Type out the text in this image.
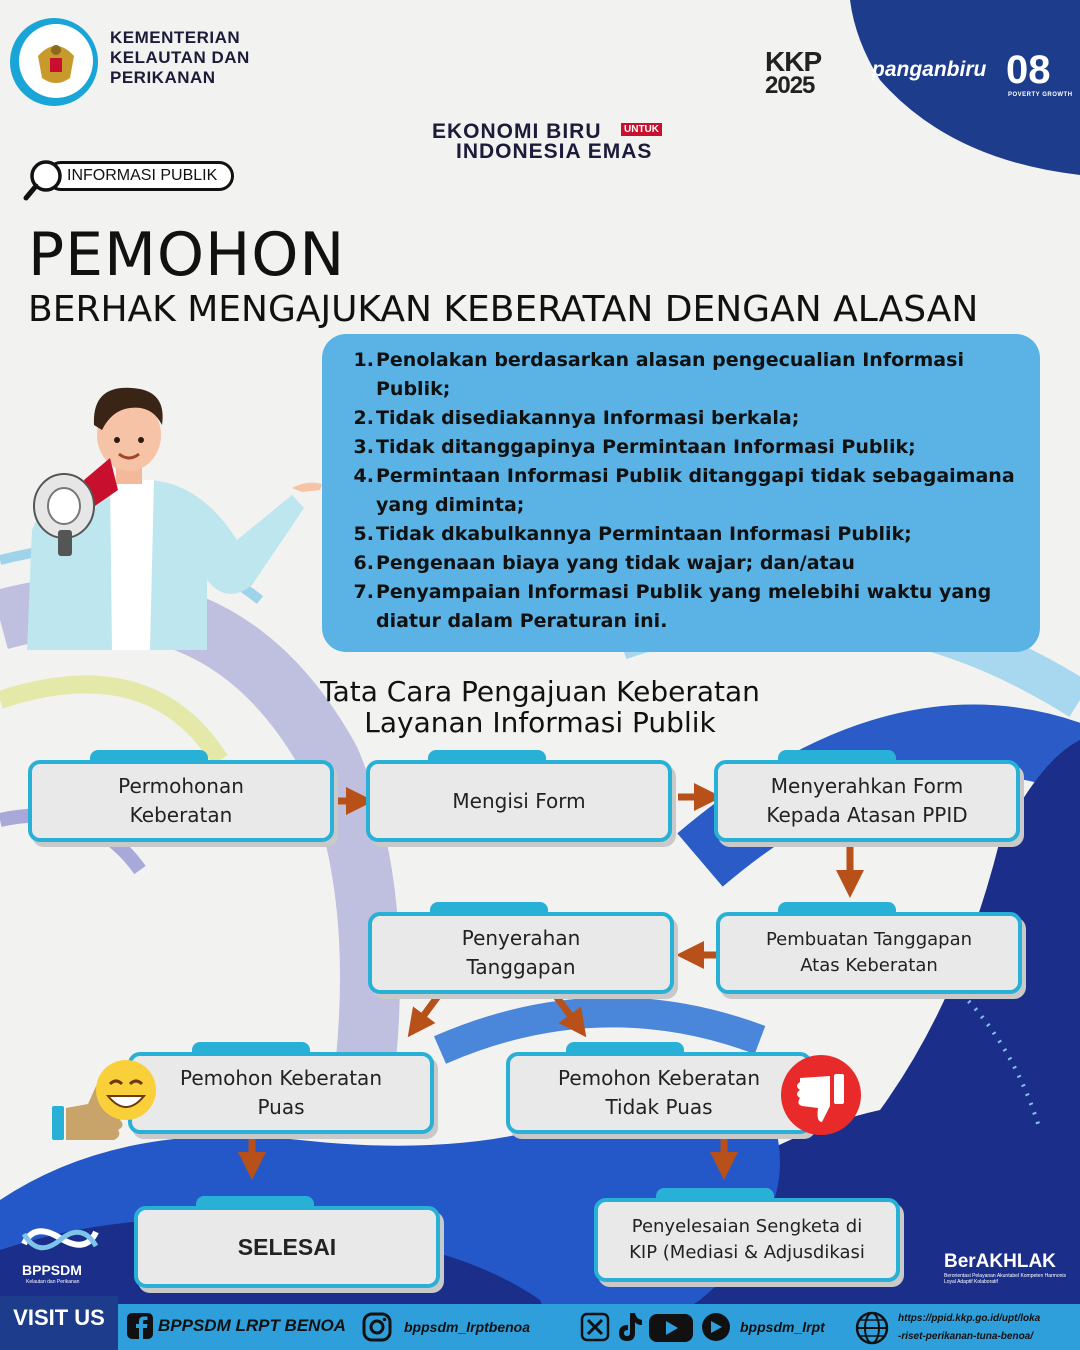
KEMENTERIAN
KELAUTAN DAN
PERIKANAN
KKP
2025
panganbiru 08
POVERTY GROWTH
EKONOMI BIRU	UNTUK
INDONESIA EMAS
INFORMASI PUBLIK
PEMOHON
BERHAK MENGAJUKAN KEBERATAN DENGAN ALASAN
1. Penolakan berdasarkan alasan pengecualian Informasi Publik;
2. Tidak disediakannya Informasi berkala;
3. Tidak ditanggapinya Permintaan Informasi Publik;
4. Permintaan Informasi Publik ditanggapi tidak sebagaimana yang diminta;
5. Tidak dkabulkannya Permintaan Informasi Publik;
6. Pengenaan biaya yang tidak wajar; dan/atau
7. Penyampaian Informasi Publik yang melebihi waktu yang diatur dalam Peraturan ini.
Tata Cara Pengajuan Keberatan
Layanan Informasi Publik
Permohonan
Keberatan
Mengisi Form
Menyerahkan Form
Kepada Atasan PPID
Pembuatan Tanggapan
Atas Keberatan
Penyerahan
Tanggapan
Pemohon Keberatan
Puas
Pemohon Keberatan
Tidak Puas
SELESAI
Penyelesaian Sengketa di
KIP (Mediasi & Adjusdikasi
BPPSDM
Kelautan dan Perikanan
BerAKHLAK
Berorientasi Pelayanan Akuntabel Kompeten Harmonis Loyal Adaptif Kolaboratif
VISIT US	BPPSDM LRPT BENOA	bppsdm_lrptbenoa	bppsdm_lrpt
https://ppid.kkp.go.id/upt/loka
-riset-perikanan-tuna-benoa/
